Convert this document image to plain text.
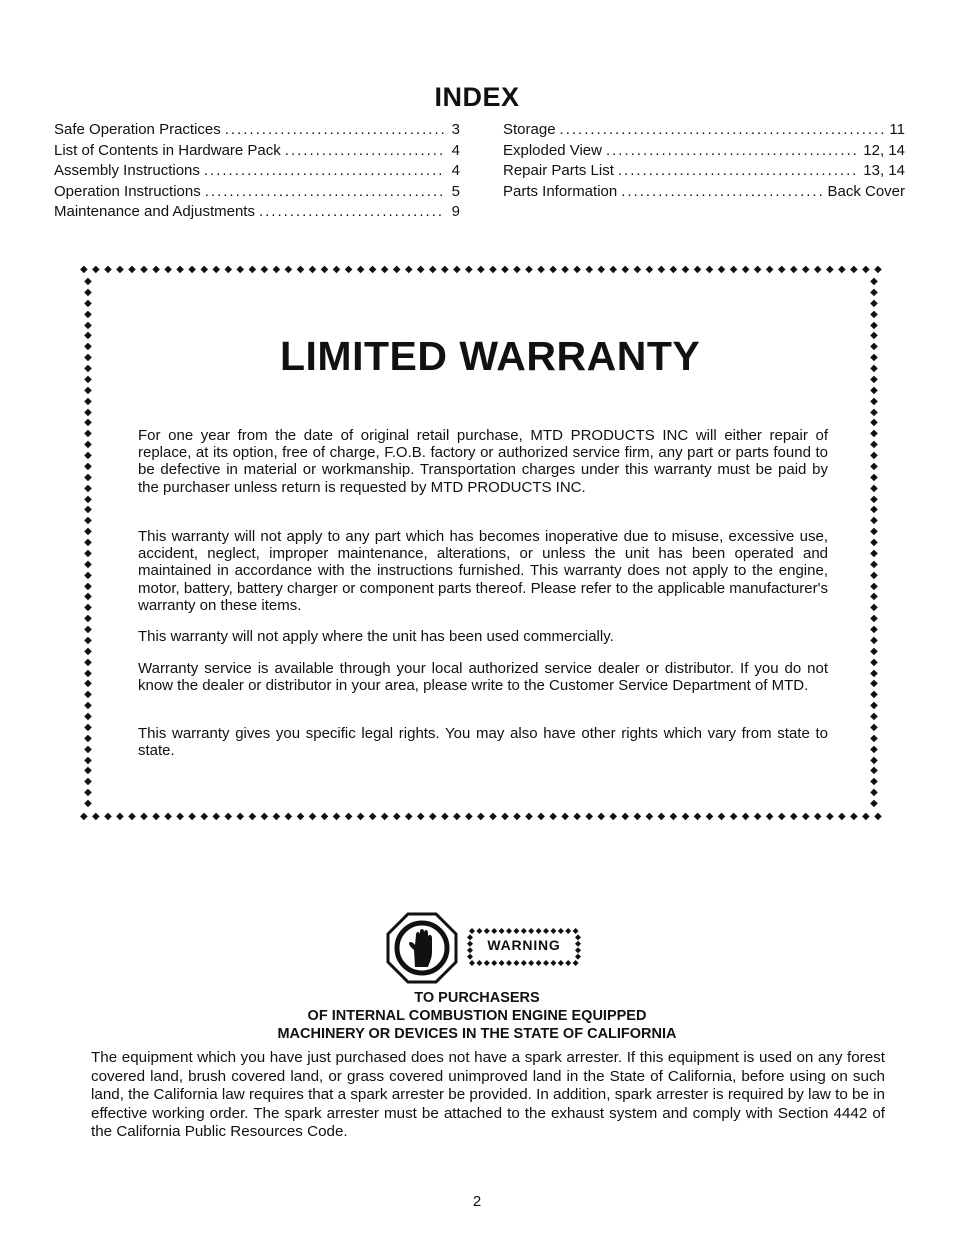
INDEX
Safe Operation Practices .....	3
List of Contents in Hardware Pack .....	4
Assembly Instructions .....	4
Operation Instructions .....	5
Maintenance and Adjustments .....	9
Storage .....	11
Exploded View .....	12, 14
Repair Parts List .....	13, 14
Parts Information .....	Back Cover
◆ ◆ ◆ ◆ ◆ ◆ ◆ ◆ ◆ ◆ ◆ ◆ ◆ ◆ ◆ ◆ ◆ ◆ ◆ ◆ ◆ ◆ ◆ ◆ ◆ ◆ ◆ ◆ ◆ ◆ ◆ ◆ ◆ ◆ ◆ ◆ ◆ ◆ ◆ ◆ ◆ ◆ ◆ ◆ ◆ ◆ ◆ ◆ ◆ ◆ ◆ ◆ ◆ ◆ ◆ ◆ ◆ ◆ ◆ ◆ ◆ ◆ ◆ ◆ ◆ ◆ ◆
◆ ◆ ◆ ◆ ◆ ◆ ◆ ◆ ◆ ◆ ◆ ◆ ◆ ◆ ◆ ◆ ◆ ◆ ◆ ◆ ◆ ◆ ◆ ◆ ◆ ◆ ◆ ◆ ◆ ◆ ◆ ◆ ◆ ◆ ◆ ◆ ◆ ◆ ◆ ◆ ◆ ◆ ◆ ◆ ◆ ◆ ◆ ◆ ◆ ◆ ◆ ◆ ◆ ◆ ◆ ◆ ◆ ◆ ◆ ◆ ◆ ◆ ◆ ◆ ◆ ◆ ◆
◆
◆
◆
◆
◆
◆
◆
◆
◆
◆
◆
◆
◆
◆
◆
◆
◆
◆
◆
◆
◆
◆
◆
◆
◆
◆
◆
◆
◆
◆
◆
◆
◆
◆
◆
◆
◆
◆
◆
◆
◆
◆
◆
◆
◆
◆
◆
◆
◆
◆
◆
◆
◆
◆
◆
◆
◆
◆
◆
◆
◆
◆
◆
◆
◆
◆
◆
◆
◆
◆
◆
◆
◆
◆
◆
◆
◆
◆
◆
◆
◆
◆
◆
◆
◆
◆
◆
◆
◆
◆
◆
◆
◆
◆
◆
◆
◆
◆
LIMITED WARRANTY

For one year from the date of original retail purchase, MTD PRODUCTS INC will either repair of replace, at its option, free of charge, F.O.B. factory or authorized service firm, any part or parts found to be defective in material or workmanship. Transportation charges under this warranty must be paid by the purchaser unless return is requested by MTD PRODUCTS INC.

This warranty will not apply to any part which has becomes inoperative due to misuse, excessive use, accident, neglect, improper maintenance, alterations, or unless the unit has been operated and maintained in accordance with the instructions furnished. This warranty does not apply to the engine, motor, battery, battery charger or component parts thereof. Please refer to the applicable manufacturer's warranty on these items.

This warranty will not apply where the unit has been used commercially.

Warranty service is available through your local authorized service dealer or distributor. If you do not know the dealer or distributor in your area, please write to the Customer Service Department of MTD.

This warranty gives you specific legal rights. You may also have other rights which vary from state to state.

WARNING
TO PURCHASERS
OF INTERNAL COMBUSTION ENGINE EQUIPPED
MACHINERY OR DEVICES IN THE STATE OF CALIFORNIA

The equipment which you have just purchased does not have a spark arrester. If this equipment is used on any forest covered land, brush covered land, or grass covered unimproved land in the State of California, before using on such land, the California law requires that a spark arrester be provided. In addition, spark arrester is required by law to be in effective working order. The spark arrester must be attached to the exhaust system and comply with Section 4442 of the California Public Resources Code.

2
